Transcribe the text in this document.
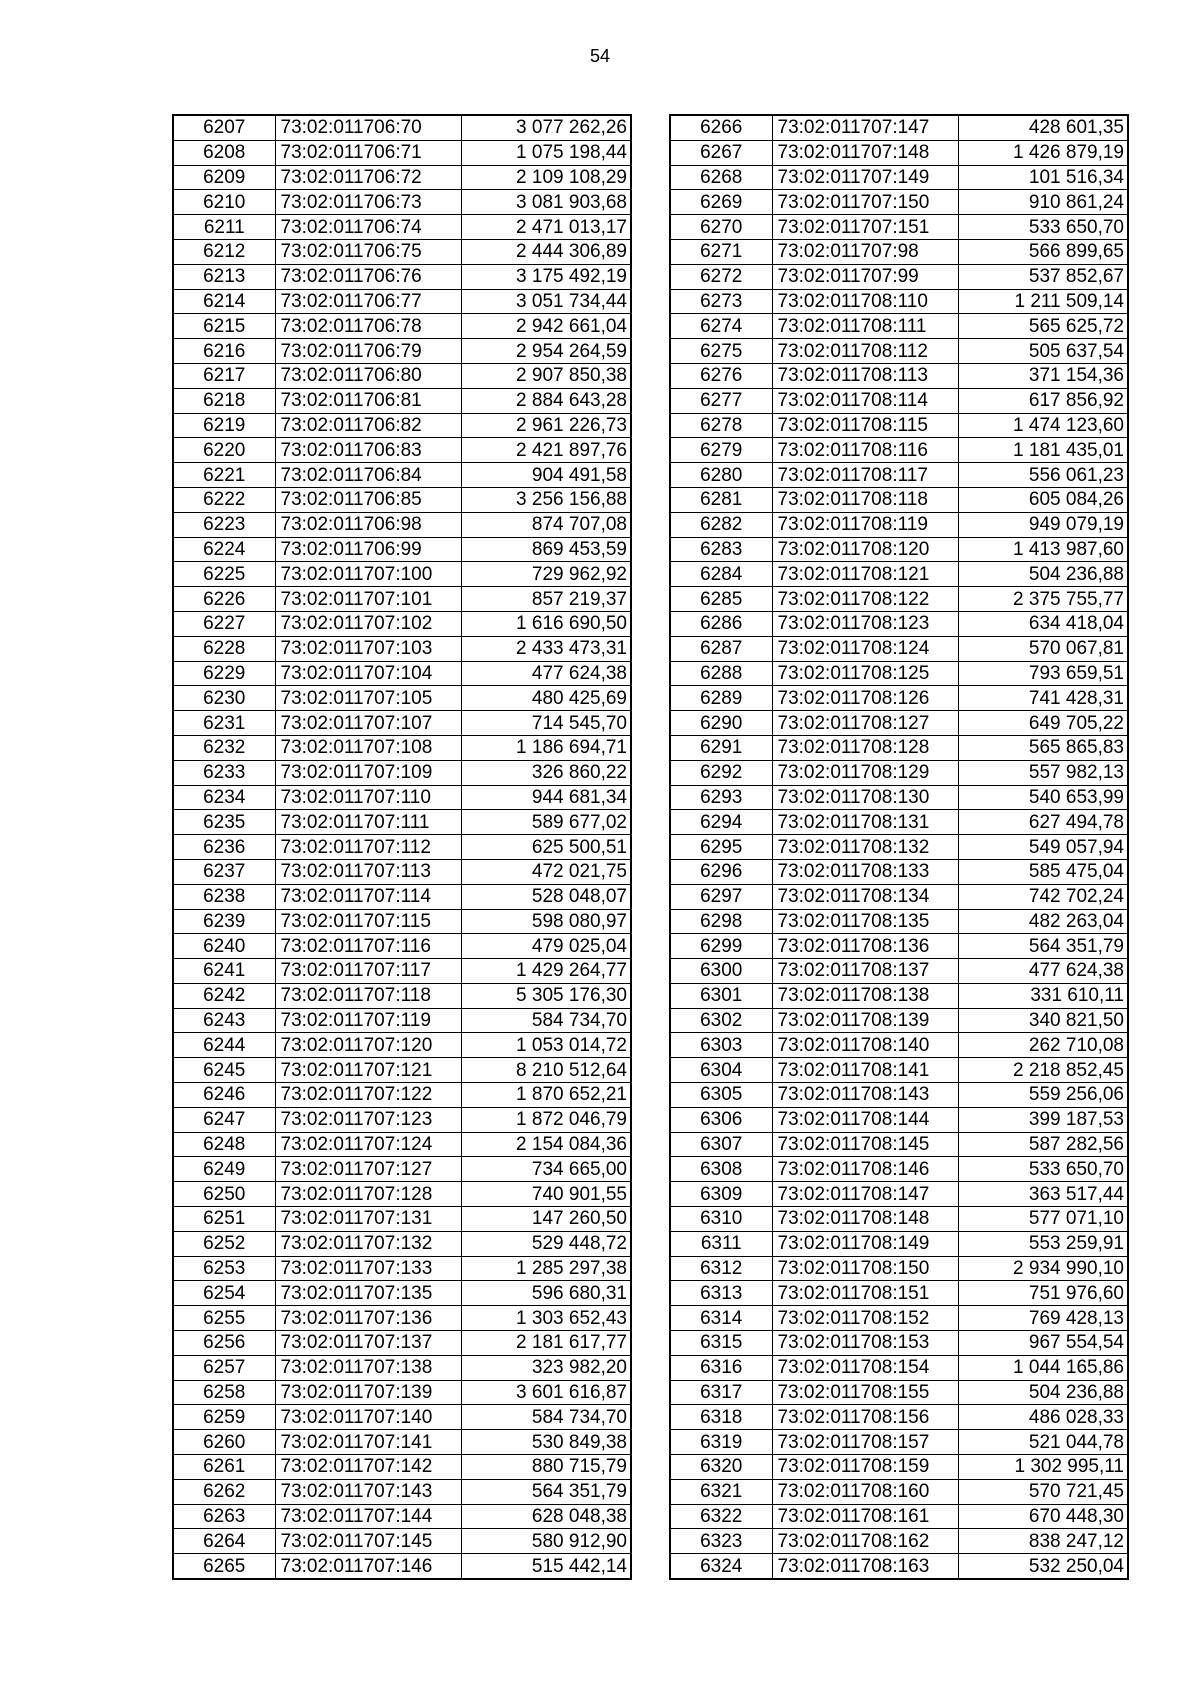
54
6207	73:02:011706:70	3 077 262,26
6208	73:02:011706:71	1 075 198,44
6209	73:02:011706:72	2 109 108,29
6210	73:02:011706:73	3 081 903,68
6211	73:02:011706:74	2 471 013,17
6212	73:02:011706:75	2 444 306,89
6213	73:02:011706:76	3 175 492,19
6214	73:02:011706:77	3 051 734,44
6215	73:02:011706:78	2 942 661,04
6216	73:02:011706:79	2 954 264,59
6217	73:02:011706:80	2 907 850,38
6218	73:02:011706:81	2 884 643,28
6219	73:02:011706:82	2 961 226,73
6220	73:02:011706:83	2 421 897,76
6221	73:02:011706:84	904 491,58
6222	73:02:011706:85	3 256 156,88
6223	73:02:011706:98	874 707,08
6224	73:02:011706:99	869 453,59
6225	73:02:011707:100	729 962,92
6226	73:02:011707:101	857 219,37
6227	73:02:011707:102	1 616 690,50
6228	73:02:011707:103	2 433 473,31
6229	73:02:011707:104	477 624,38
6230	73:02:011707:105	480 425,69
6231	73:02:011707:107	714 545,70
6232	73:02:011707:108	1 186 694,71
6233	73:02:011707:109	326 860,22
6234	73:02:011707:110	944 681,34
6235	73:02:011707:111	589 677,02
6236	73:02:011707:112	625 500,51
6237	73:02:011707:113	472 021,75
6238	73:02:011707:114	528 048,07
6239	73:02:011707:115	598 080,97
6240	73:02:011707:116	479 025,04
6241	73:02:011707:117	1 429 264,77
6242	73:02:011707:118	5 305 176,30
6243	73:02:011707:119	584 734,70
6244	73:02:011707:120	1 053 014,72
6245	73:02:011707:121	8 210 512,64
6246	73:02:011707:122	1 870 652,21
6247	73:02:011707:123	1 872 046,79
6248	73:02:011707:124	2 154 084,36
6249	73:02:011707:127	734 665,00
6250	73:02:011707:128	740 901,55
6251	73:02:011707:131	147 260,50
6252	73:02:011707:132	529 448,72
6253	73:02:011707:133	1 285 297,38
6254	73:02:011707:135	596 680,31
6255	73:02:011707:136	1 303 652,43
6256	73:02:011707:137	2 181 617,77
6257	73:02:011707:138	323 982,20
6258	73:02:011707:139	3 601 616,87
6259	73:02:011707:140	584 734,70
6260	73:02:011707:141	530 849,38
6261	73:02:011707:142	880 715,79
6262	73:02:011707:143	564 351,79
6263	73:02:011707:144	628 048,38
6264	73:02:011707:145	580 912,90
6265	73:02:011707:146	515 442,14
6266	73:02:011707:147	428 601,35
6267	73:02:011707:148	1 426 879,19
6268	73:02:011707:149	101 516,34
6269	73:02:011707:150	910 861,24
6270	73:02:011707:151	533 650,70
6271	73:02:011707:98	566 899,65
6272	73:02:011707:99	537 852,67
6273	73:02:011708:110	1 211 509,14
6274	73:02:011708:111	565 625,72
6275	73:02:011708:112	505 637,54
6276	73:02:011708:113	371 154,36
6277	73:02:011708:114	617 856,92
6278	73:02:011708:115	1 474 123,60
6279	73:02:011708:116	1 181 435,01
6280	73:02:011708:117	556 061,23
6281	73:02:011708:118	605 084,26
6282	73:02:011708:119	949 079,19
6283	73:02:011708:120	1 413 987,60
6284	73:02:011708:121	504 236,88
6285	73:02:011708:122	2 375 755,77
6286	73:02:011708:123	634 418,04
6287	73:02:011708:124	570 067,81
6288	73:02:011708:125	793 659,51
6289	73:02:011708:126	741 428,31
6290	73:02:011708:127	649 705,22
6291	73:02:011708:128	565 865,83
6292	73:02:011708:129	557 982,13
6293	73:02:011708:130	540 653,99
6294	73:02:011708:131	627 494,78
6295	73:02:011708:132	549 057,94
6296	73:02:011708:133	585 475,04
6297	73:02:011708:134	742 702,24
6298	73:02:011708:135	482 263,04
6299	73:02:011708:136	564 351,79
6300	73:02:011708:137	477 624,38
6301	73:02:011708:138	331 610,11
6302	73:02:011708:139	340 821,50
6303	73:02:011708:140	262 710,08
6304	73:02:011708:141	2 218 852,45
6305	73:02:011708:143	559 256,06
6306	73:02:011708:144	399 187,53
6307	73:02:011708:145	587 282,56
6308	73:02:011708:146	533 650,70
6309	73:02:011708:147	363 517,44
6310	73:02:011708:148	577 071,10
6311	73:02:011708:149	553 259,91
6312	73:02:011708:150	2 934 990,10
6313	73:02:011708:151	751 976,60
6314	73:02:011708:152	769 428,13
6315	73:02:011708:153	967 554,54
6316	73:02:011708:154	1 044 165,86
6317	73:02:011708:155	504 236,88
6318	73:02:011708:156	486 028,33
6319	73:02:011708:157	521 044,78
6320	73:02:011708:159	1 302 995,11
6321	73:02:011708:160	570 721,45
6322	73:02:011708:161	670 448,30
6323	73:02:011708:162	838 247,12
6324	73:02:011708:163	532 250,04
